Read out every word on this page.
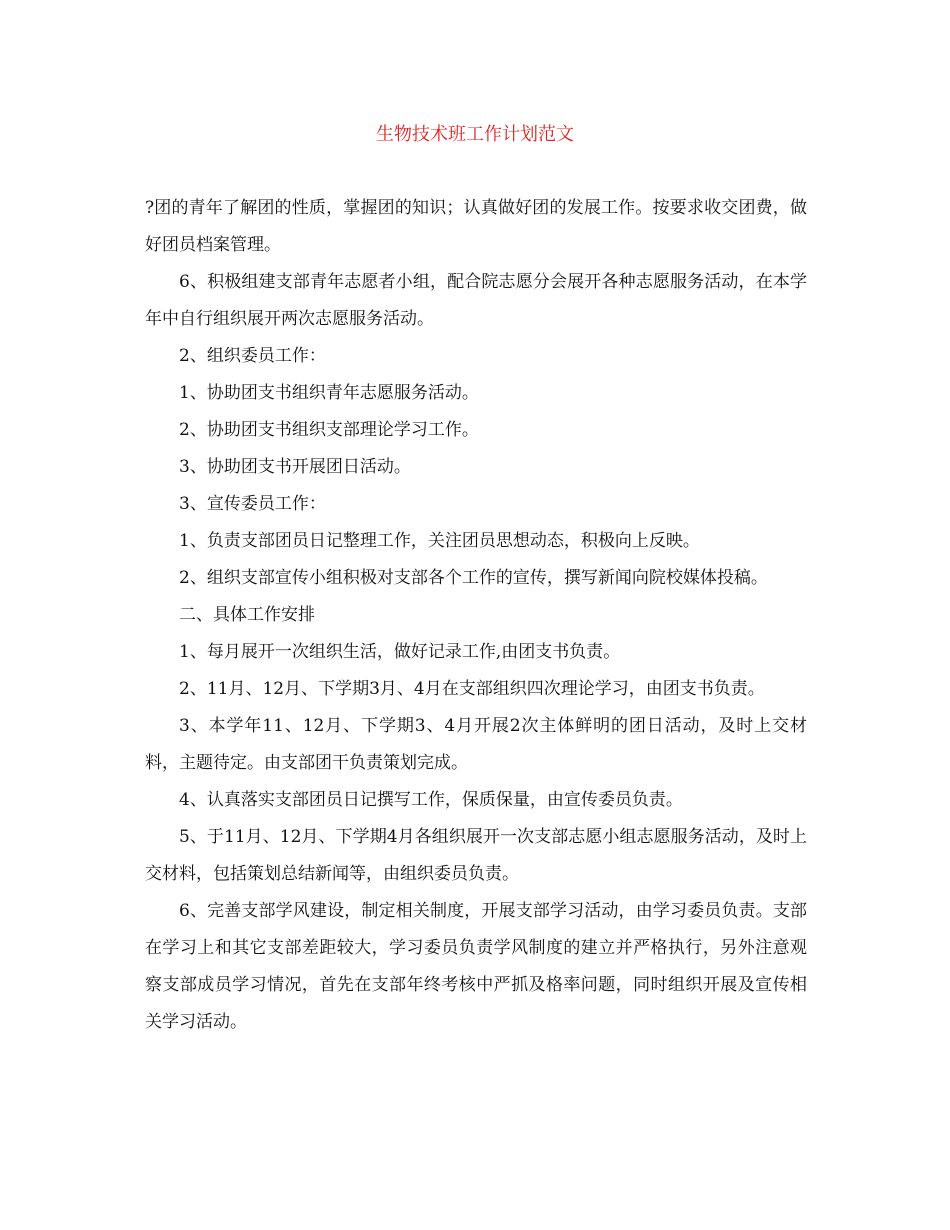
生物技术班工作计划范文

?团的青年了解团的性质，掌握团的知识；认真做好团的发展工作。按要求收交团费，做好团员档案管理。

6、积极组建支部青年志愿者小组，配合院志愿分会展开各种志愿服务活动，在本学年中自行组织展开两次志愿服务活动。

2、组织委员工作：

1、协助团支书组织青年志愿服务活动。

2、协助团支书组织支部理论学习工作。

3、协助团支书开展团日活动。

3、宣传委员工作：

1、负责支部团员日记整理工作，关注团员思想动态，积极向上反映。

2、组织支部宣传小组积极对支部各个工作的宣传，撰写新闻向院校媒体投稿。

二、具体工作安排

1、每月展开一次组织生活，做好记录工作,由团支书负责。

2、11月、12月、下学期3月、4月在支部组织四次理论学习，由团支书负责。

3、本学年11、12月、下学期3、4月开展2次主体鲜明的团日活动，及时上交材料，主题待定。由支部团干负责策划完成。

4、认真落实支部团员日记撰写工作，保质保量，由宣传委员负责。

5、于11月、12月、下学期4月各组织展开一次支部志愿小组志愿服务活动，及时上交材料，包括策划总结新闻等，由组织委员负责。

6、完善支部学风建设，制定相关制度，开展支部学习活动，由学习委员负责。支部在学习上和其它支部差距较大，学习委员负责学风制度的建立并严格执行，另外注意观察支部成员学习情况，首先在支部年终考核中严抓及格率问题，同时组织开展及宣传相关学习活动。
